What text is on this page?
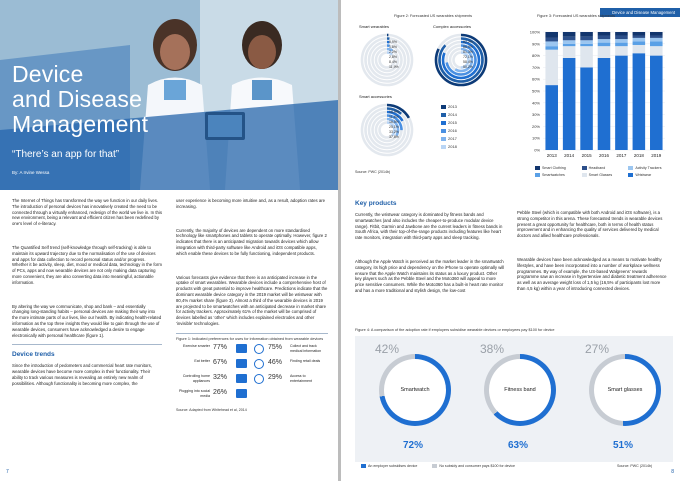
Device
and Disease
Management
“There’s an app for that”
By: A Irvine Wessa

The Internet of Things has transformed the way we function in our daily lives. The introduction of personal devices has innovatively created the need to be connected through a virtually enhanced, redesign of the world we live in. In this new environment, being a relevant and efficient citizen has been redefined by one’s level of e-literacy.

The Quantified Self trend (self-knowledge through self-tracking) is able to maintain its upward trajectory due to the normalisation of the use of devices and apps for data collection to record personal status and/or progress. Whether it be activity, sleep, diet, mood or medical data, technology in the form of PCs, apps and now wearable devices are not only making data capturing more convenient, they are also converting data into meaningful, actionable information.

By altering the way we communicate, shop and bank – and essentially changing long-standing habits – personal devices are making their way into the more intimate parts of our lives, like our health. By indicating health-related information as the top three insights they would like to gain through the use of wearable devices, consumers have acknowledged a desire to engage electronically with personal healthcare (figure 1).

Device trends

Since the introduction of pedometers and commercial heart rate monitors, wearable devices have become more complex in their functionality. Their ability to track various measures is revealing an entirely new realm of possibilities. Although functionality is becoming more complex, the

user experience is becoming more intuitive and, as a result, adoption rates are increasing.

Currently, the majority of devices are dependent on more standardised technology like smartphones and tablets to operate optimally. However, figure 2 indicates that there is an anticipated migration towards devices which allow integration with third-party software like Android and iOS compatible apps, which enable these devices to be fully functioning, independent products.

Various forecasts give evidence that there is an anticipated increase in the uptake of smart wearables. Wearable devices include a comprehensive host of products with great potential to improve healthcare. Predictions indicate that the dominant wearable device category in the 2019 market will be wristwear with 80,4% market share (figure 3). Almost a third of the wearable devices in 2019 are projected to be smartwatches with an anticipated decrease in market share for activity trackers. Approximately 61% of the market will be comprised of devices labelled as ‘other’ which includes explained electrodes and other ‘invisible’ technologies.

Figure 1: Indicated preferences for uses for information obtained from wearable devices
Exercise smarter 77%	75% Collect and track medical information
Eat better 67%	46% Finding retail deals
Controlling home appliances 32%	29% Access to entertainment
Plugging into social media 26%
Source: Adapted from Whitehead et al, 2014
7
Device and Disease Management
Figure 2: Forecasted US wearables shipments
Smart wearables
0,9%
1,8%
2,2%
2,8%
8,4%
11,9%
Complex accessories
82,2%
86,9%
81,3%
72,1%
58,4%
50,2%
Smart accessories
16,9%
11,4%
16,5%
25,1%
33,2%
37,8%
2013
2014
2015
2016
2017
2018
Source: PWC (2014b)
Figure 3: Forecasted US wearables shipments
0%
10%
20%
30%
40%
50%
60%
70%
80%
90%
100%
2013 2014 2015 2016 2017 2018 2019
Smart Clothing	Headband	Activity Trackers
Smartwatches	Smart Glasses	Wristwear
Key products

Currently, the wristwear category is dominated by fitness bands and smartwatches (and also includes the cheaper-to-produce modular device range). Fitbit, Garmin and Jawbone are the current leaders in fitness bands in South Africa, with their top-of-the-range products including features like heart rate monitors, integration with third-party apps and sleep tracking.

Although the Apple Watch is perceived as the market leader in the smartwatch category, its high price and dependency on the iPhone to operate optimally will ensure that the Apple Watch maintains its status as a luxury product. Other key players such as the Pebble Steel and the Moto360 will appeal to more price sensitive consumers. While the Moto360 has a built-in heart rate monitor and has a more traditional and stylish design, the low-cost

Pebble Steel (which is compatible with both Android and iOS software), is a strong competitor in this arena. These forecasted trends in wearable devices present a great opportunity for healthcare, both in terms of health status improvement and in enhancing the quality of services delivered by medical doctors and allied healthcare professionals.

Wearable devices have been acknowledged as a means to motivate healthy lifestyles, and have been incorporated into a number of workplace wellness programmes. By way of example, the US-based Walgreens’ rewards programme saw an increase in hypertensive and diabetic treatment adherence as well as an average weight loss of 1,5 kg (16,5% of participants lost more than 4,5 kg) within a year of introducing connected devices.

Figure 4: A comparison of the adoption rate if employers subsidise wearable devices or employees pay $100 for device
42%
Smartwatch
72%
38%
Fitness band
63%
27%
Smart glasses
51%
An employer subsidises device	No subsidy and consumer pays $100 for device	Source: PWC (2014b)
8
